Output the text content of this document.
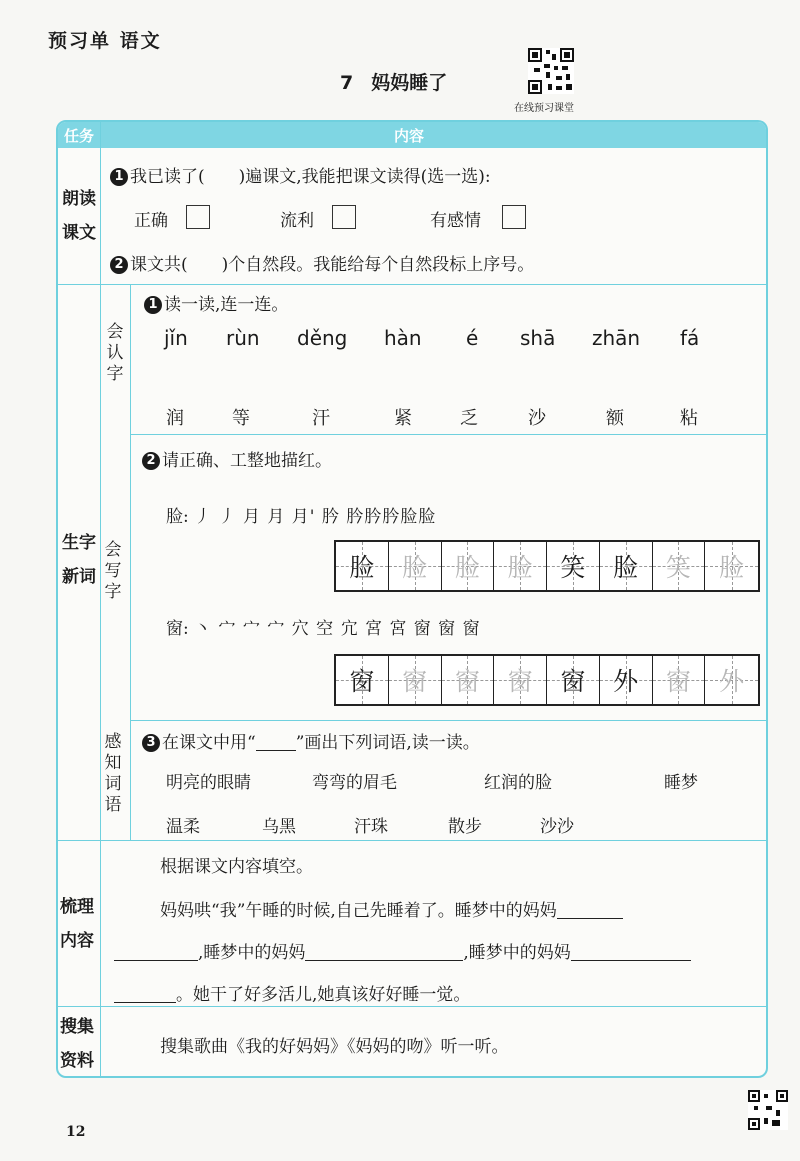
预习单 语文
7 妈妈睡了
在线预习课堂
任务	内容
朗读
课文
1 我已读了(　　)遍课文,我能把课文读得(选一选):
正确	流利	有感情
2 课文共(　　)个自然段。我能给每个自然段标上序号。
生字
新词
会
认
字
1 读一读,连一连。
jǐn rùn děng hàn é shā zhān fá
润	等	汗	紧	乏	沙	额	粘
会
写
字
2 请正确、工整地描红。
脸: 丿 丿 月 月 月' 肣 肣肣肣脸脸
脸 脸 脸 脸 笑 脸 笑 脸
窗: 丶 宀 宀 宀 穴 空 宂 宮 宮 窗 窗 窗
窗 窗 窗 窗 窗 外 窗 外
感
知
词
语
3 在课文中用“ ”画出下列词语,读一读。
明亮的眼睛	弯弯的眉毛	红润的脸	睡梦
温柔	乌黑	汗珠	散步	沙沙
梳理
内容
根据课文内容填空。
妈妈哄“我”午睡的时候,自己先睡着了。睡梦中的妈妈
,睡梦中的妈妈	,睡梦中的妈妈
。她干了好多活儿,她真该好好睡一觉。
搜集
资料
搜集歌曲《我的好妈妈》《妈妈的吻》听一听。
12
